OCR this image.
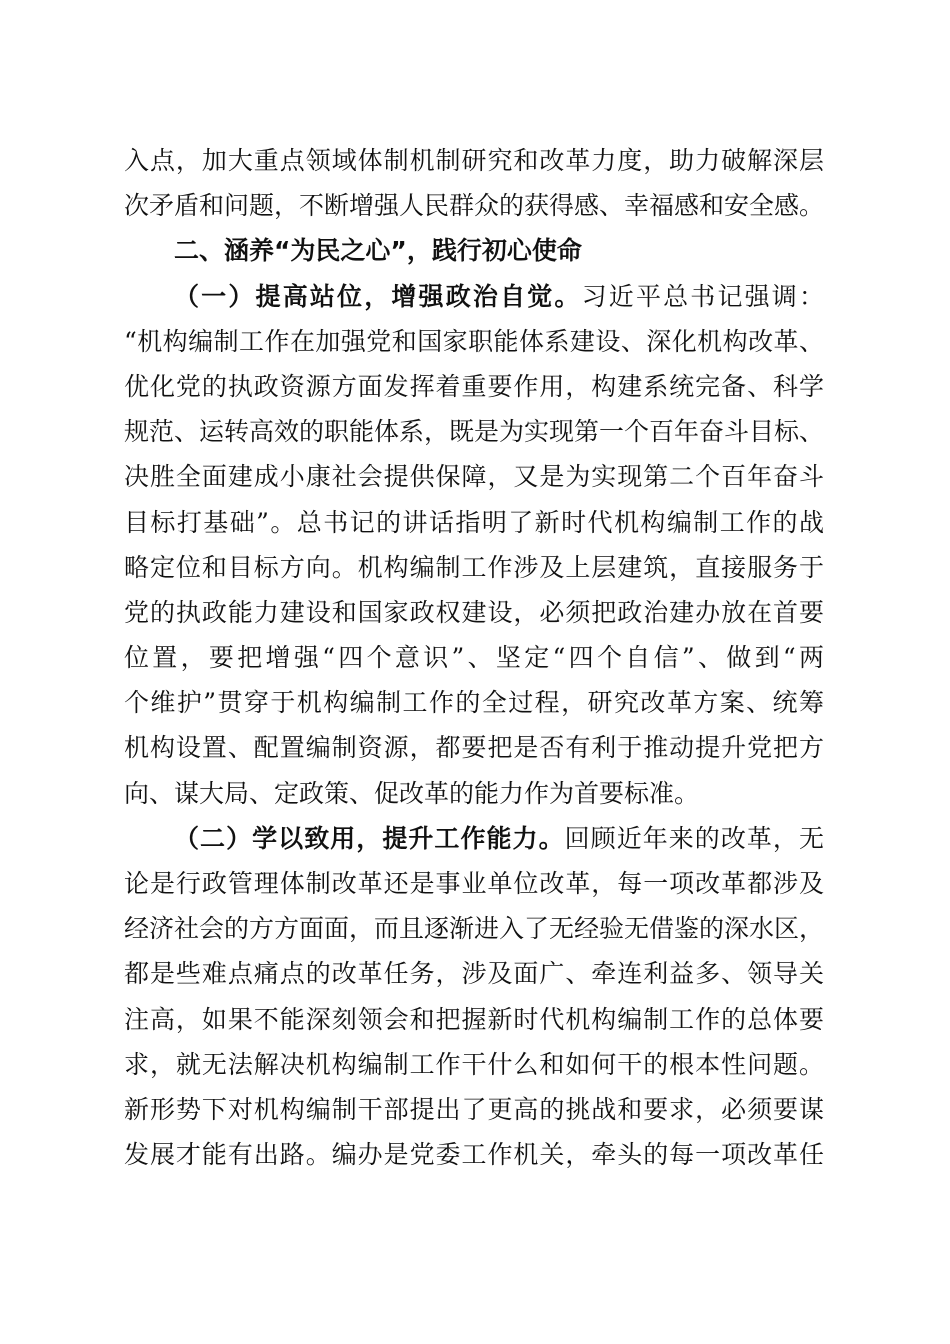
入点，加大重点领域体制机制研究和改革力度，助力破解深层
次矛盾和问题，不断增强人民群众的获得感、幸福感和安全感。
二、涵养“为民之心”，践行初心使命
（一）提高站位，增强政治自觉。习近平总书记强调：
“机构编制工作在加强党和国家职能体系建设、深化机构改革、
优化党的执政资源方面发挥着重要作用，构建系统完备、科学
规范、运转高效的职能体系，既是为实现第一个百年奋斗目标、
决胜全面建成小康社会提供保障，又是为实现第二个百年奋斗
目标打基础”。总书记的讲话指明了新时代机构编制工作的战
略定位和目标方向。机构编制工作涉及上层建筑，直接服务于
党的执政能力建设和国家政权建设，必须把政治建办放在首要
位置，要把增强“四个意识”、坚定“四个自信”、做到“两
个维护”贯穿于机构编制工作的全过程，研究改革方案、统筹
机构设置、配置编制资源，都要把是否有利于推动提升党把方
向、谋大局、定政策、促改革的能力作为首要标准。
（二）学以致用，提升工作能力。回顾近年来的改革，无
论是行政管理体制改革还是事业单位改革，每一项改革都涉及
经济社会的方方面面，而且逐渐进入了无经验无借鉴的深水区，
都是些难点痛点的改革任务，涉及面广、牵连利益多、领导关
注高，如果不能深刻领会和把握新时代机构编制工作的总体要
求，就无法解决机构编制工作干什么和如何干的根本性问题。
新形势下对机构编制干部提出了更高的挑战和要求，必须要谋
发展才能有出路。编办是党委工作机关，牵头的每一项改革任
